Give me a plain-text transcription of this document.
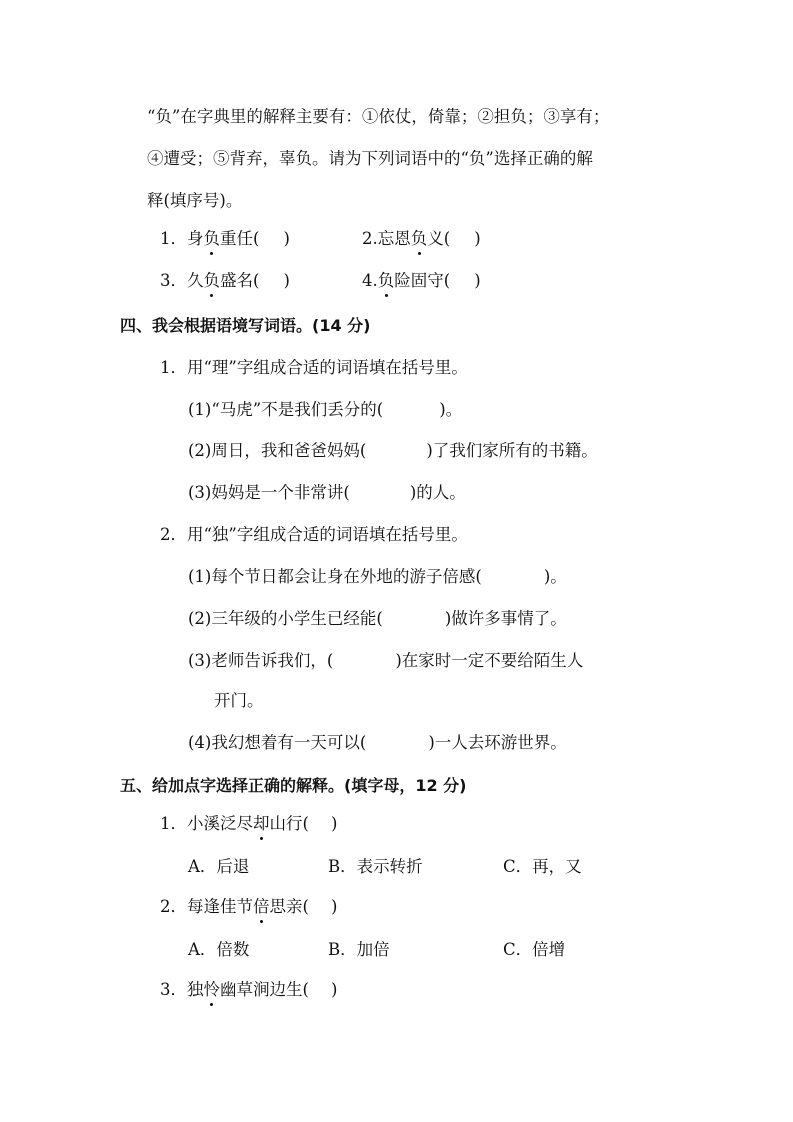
“负”在字典里的解释主要有：①依仗，倚靠；②担负；③享有；
④遭受；⑤背弃，辜负。请为下列词语中的“负”选择正确的解
释(填序号)。
1．身负重任( )	2.忘恩负义( )
3．久负盛名( )	4.负险固守( )
四、我会根据语境写词语。(14 分)
1．用“理”字组成合适的词语填在括号里。
(1)“马虎”不是我们丢分的(	)。
(2)周日，我和爸爸妈妈(	)了我们家所有的书籍。
(3)妈妈是一个非常讲(	)的人。
2．用“独”字组成合适的词语填在括号里。
(1)每个节日都会让身在外地的游子倍感(	)。
(2)三年级的小学生已经能(	)做许多事情了。
(3)老师告诉我们，(	)在家时一定不要给陌生人
开门。
(4)我幻想着有一天可以(	)一人去环游世界。
五、给加点字选择正确的解释。(填字母，12 分)
1．小溪泛尽却山行( )
A．后退	B．表示转折	C．再，又
2．每逢佳节倍思亲( )
A．倍数	B．加倍	C．倍增
3．独怜幽草涧边生( )
